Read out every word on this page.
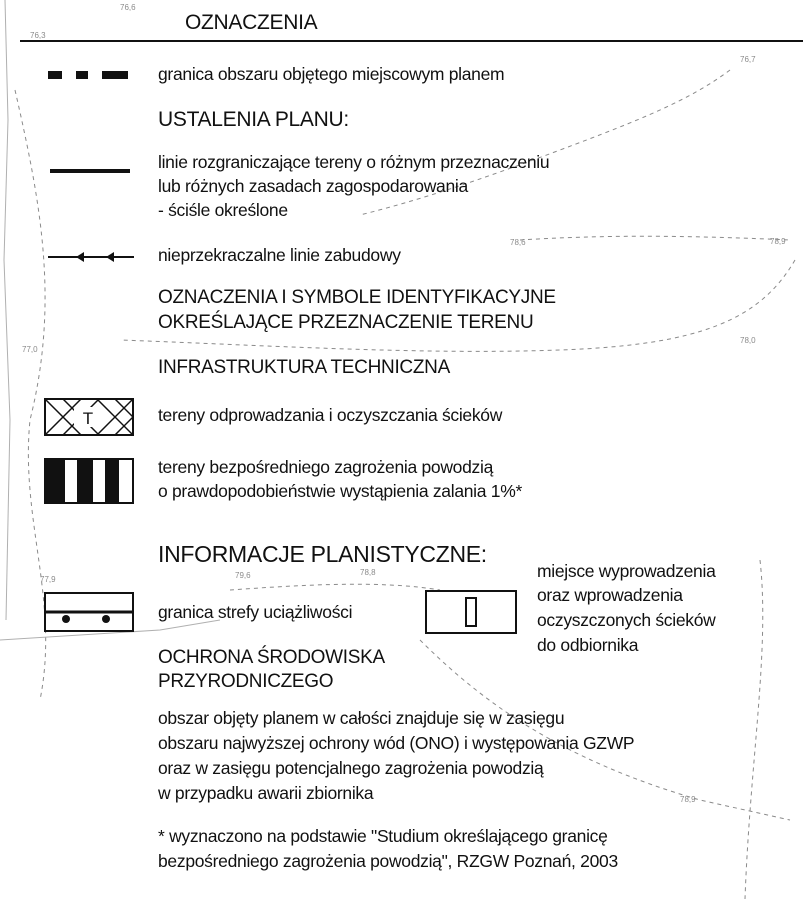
76,6
76,3
76,7
78,6	78,9
77,0
78,0
77,9	79,6	78,8
78,9
OZNACZENIA
granica obszaru objętego miejscowym planem
USTALENIA PLANU:
linie rozgraniczające tereny o różnym przeznaczeniu
lub różnych zasadach zagospodarowania
- ściśle określone
nieprzekraczalne linie zabudowy
OZNACZENIA I SYMBOLE IDENTYFIKACYJNE
OKREŚLAJĄCE PRZEZNACZENIE TERENU
INFRASTRUKTURA TECHNICZNA
T	tereny odprowadzania i oczyszczania ścieków
tereny bezpośredniego zagrożenia powodzią
o prawdopodobieństwie wystąpienia zalania 1%*
INFORMACJE PLANISTYCZNE:
granica strefy uciążliwości
miejsce wyprowadzenia
oraz wprowadzenia
oczyszczonych ścieków
do odbiornika
OCHRONA ŚRODOWISKA
PRZYRODNICZEGO
obszar objęty planem w całości znajduje się w zasięgu
obszaru najwyższej ochrony wód (ONO) i występowania GZWP
oraz w zasięgu potencjalnego zagrożenia powodzią
w przypadku awarii zbiornika
* wyznaczono na podstawie "Studium określającego granicę
bezpośredniego zagrożenia powodzią", RZGW Poznań, 2003
